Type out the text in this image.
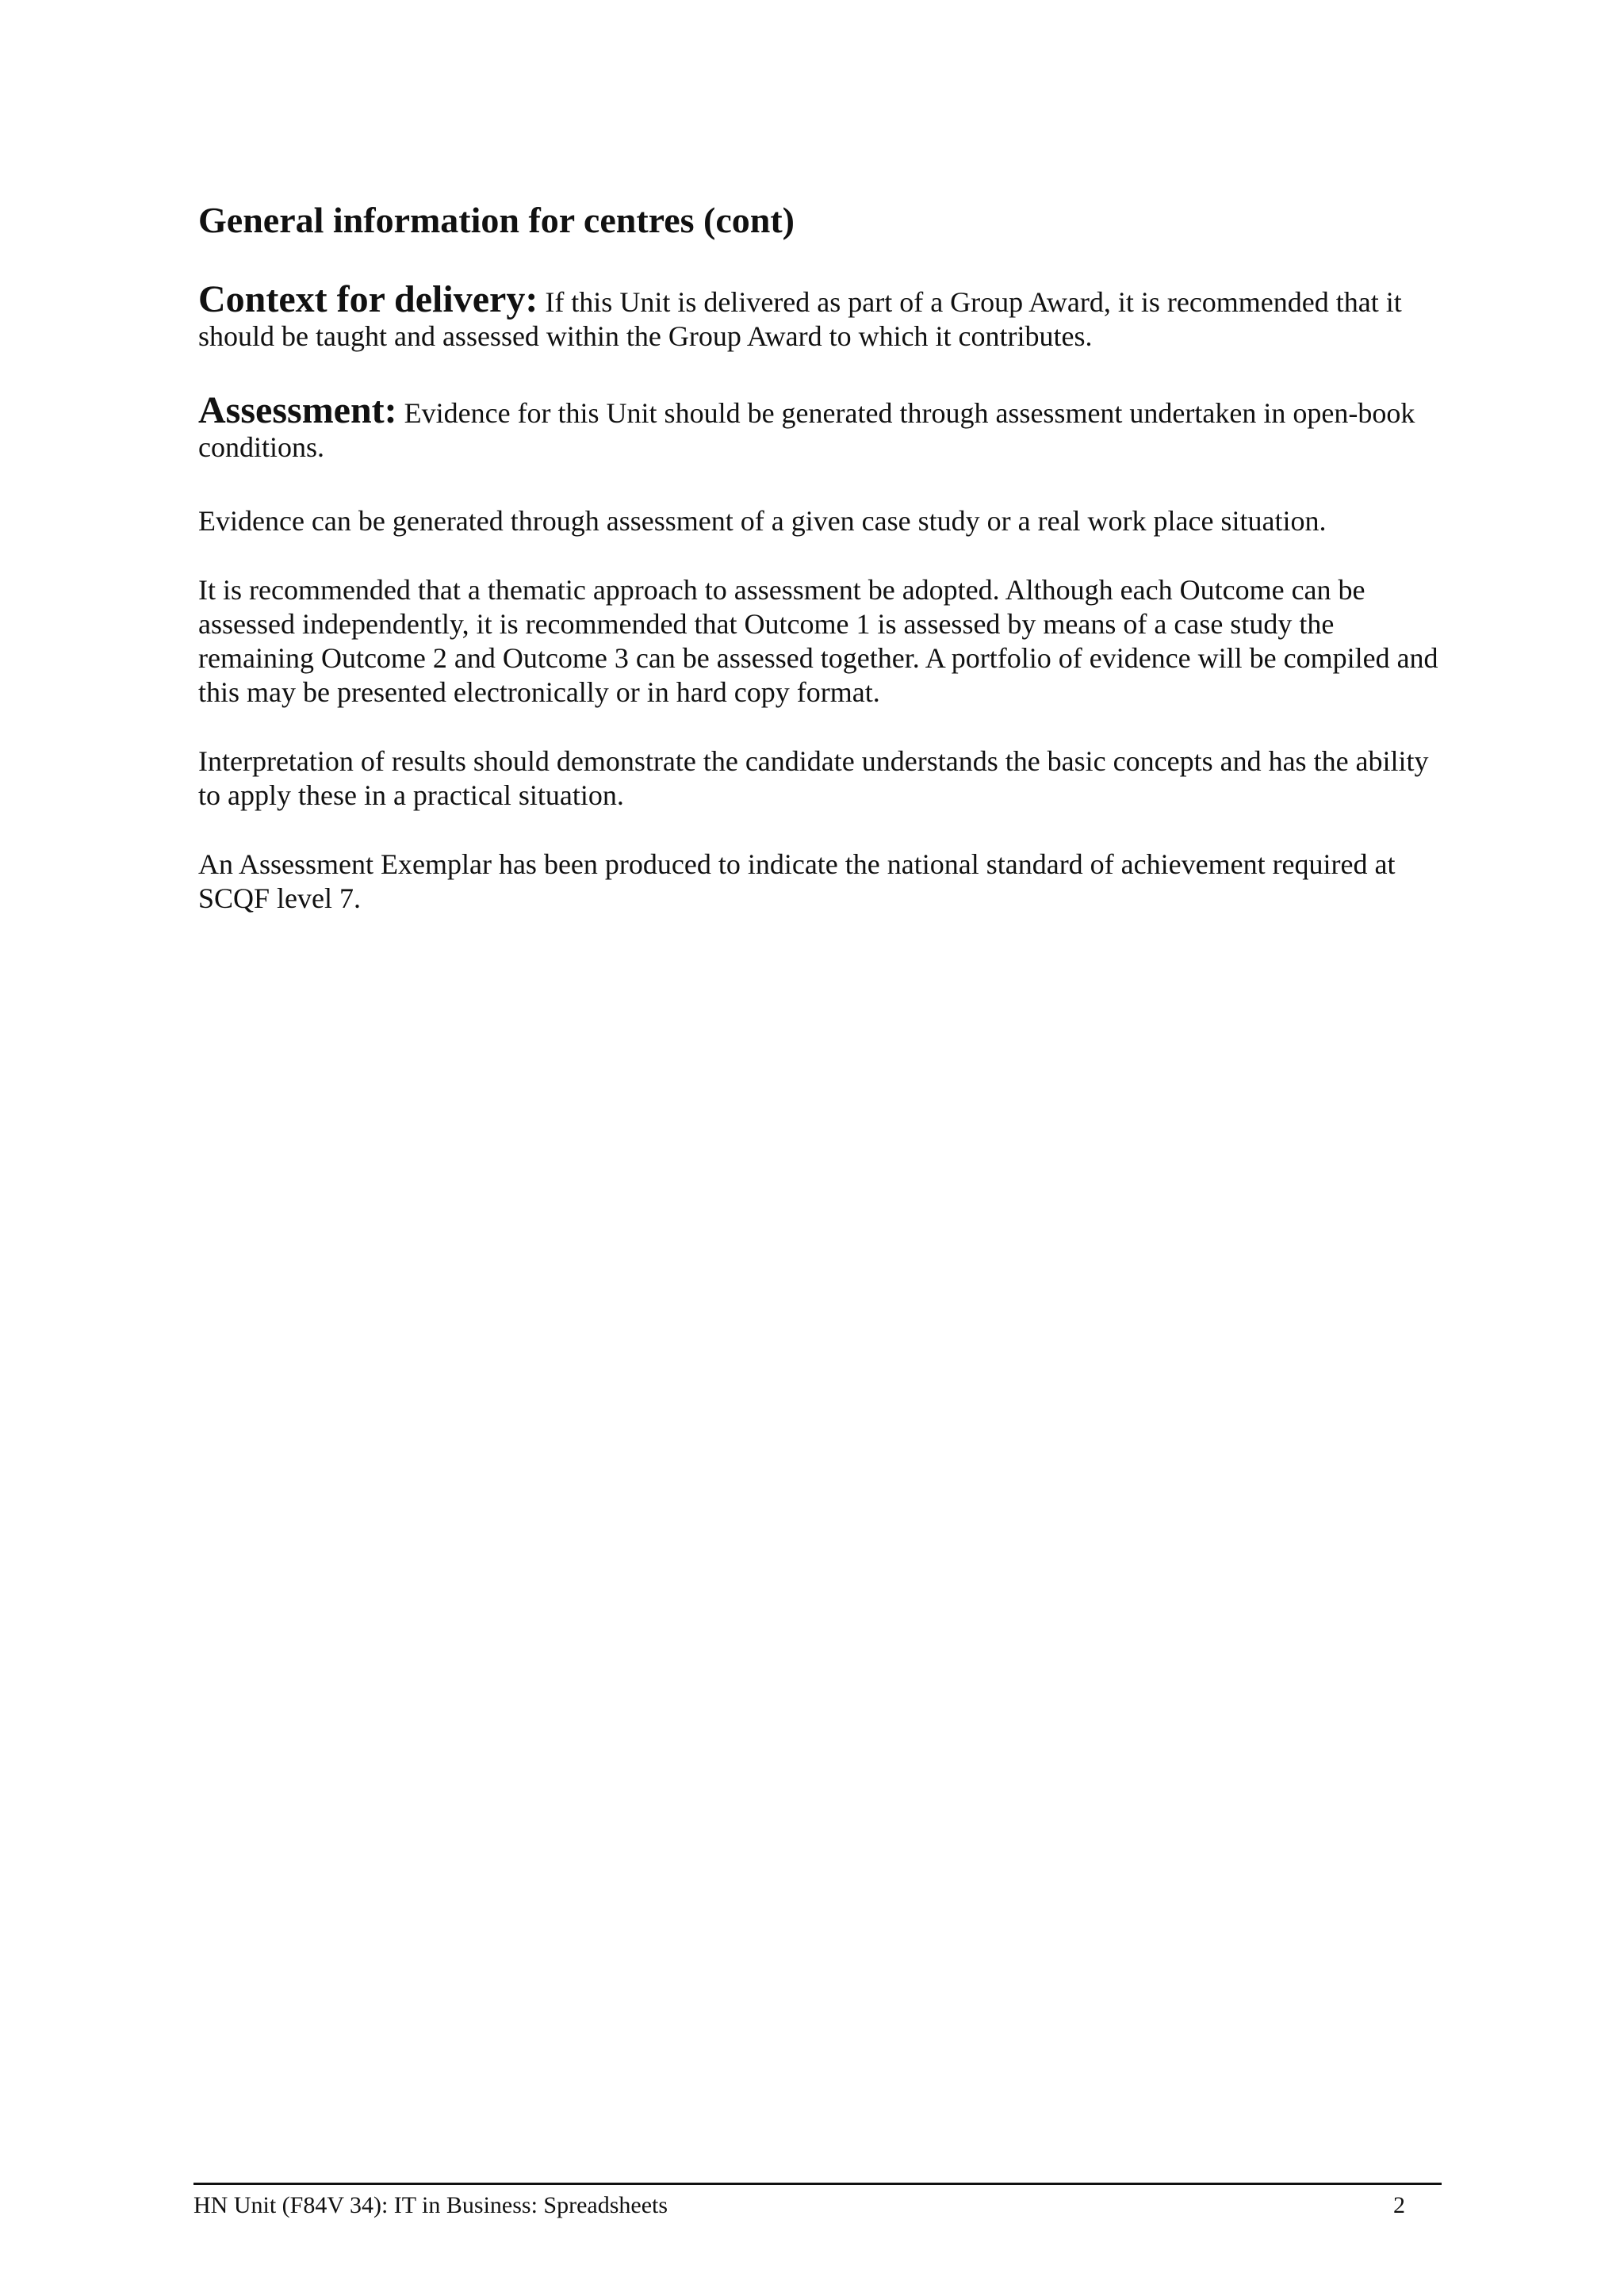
General information for centres (cont)

Context for delivery: If this Unit is delivered as part of a Group Award, it is recommended that it should be taught and assessed within the Group Award to which it contributes.

Assessment: Evidence for this Unit should be generated through assessment undertaken in open-book conditions.

Evidence can be generated through assessment of a given case study or a real work place situation.

It is recommended that a thematic approach to assessment be adopted. Although each Outcome can be assessed independently, it is recommended that Outcome 1 is assessed by means of a case study the remaining Outcome 2 and Outcome 3 can be assessed together. A portfolio of evidence will be compiled and this may be presented electronically or in hard copy format.

Interpretation of results should demonstrate the candidate understands the basic concepts and has the ability to apply these in a practical situation.

An Assessment Exemplar has been produced to indicate the national standard of achievement required at SCQF level 7.

HN Unit (F84V 34): IT in Business: Spreadsheets	2
